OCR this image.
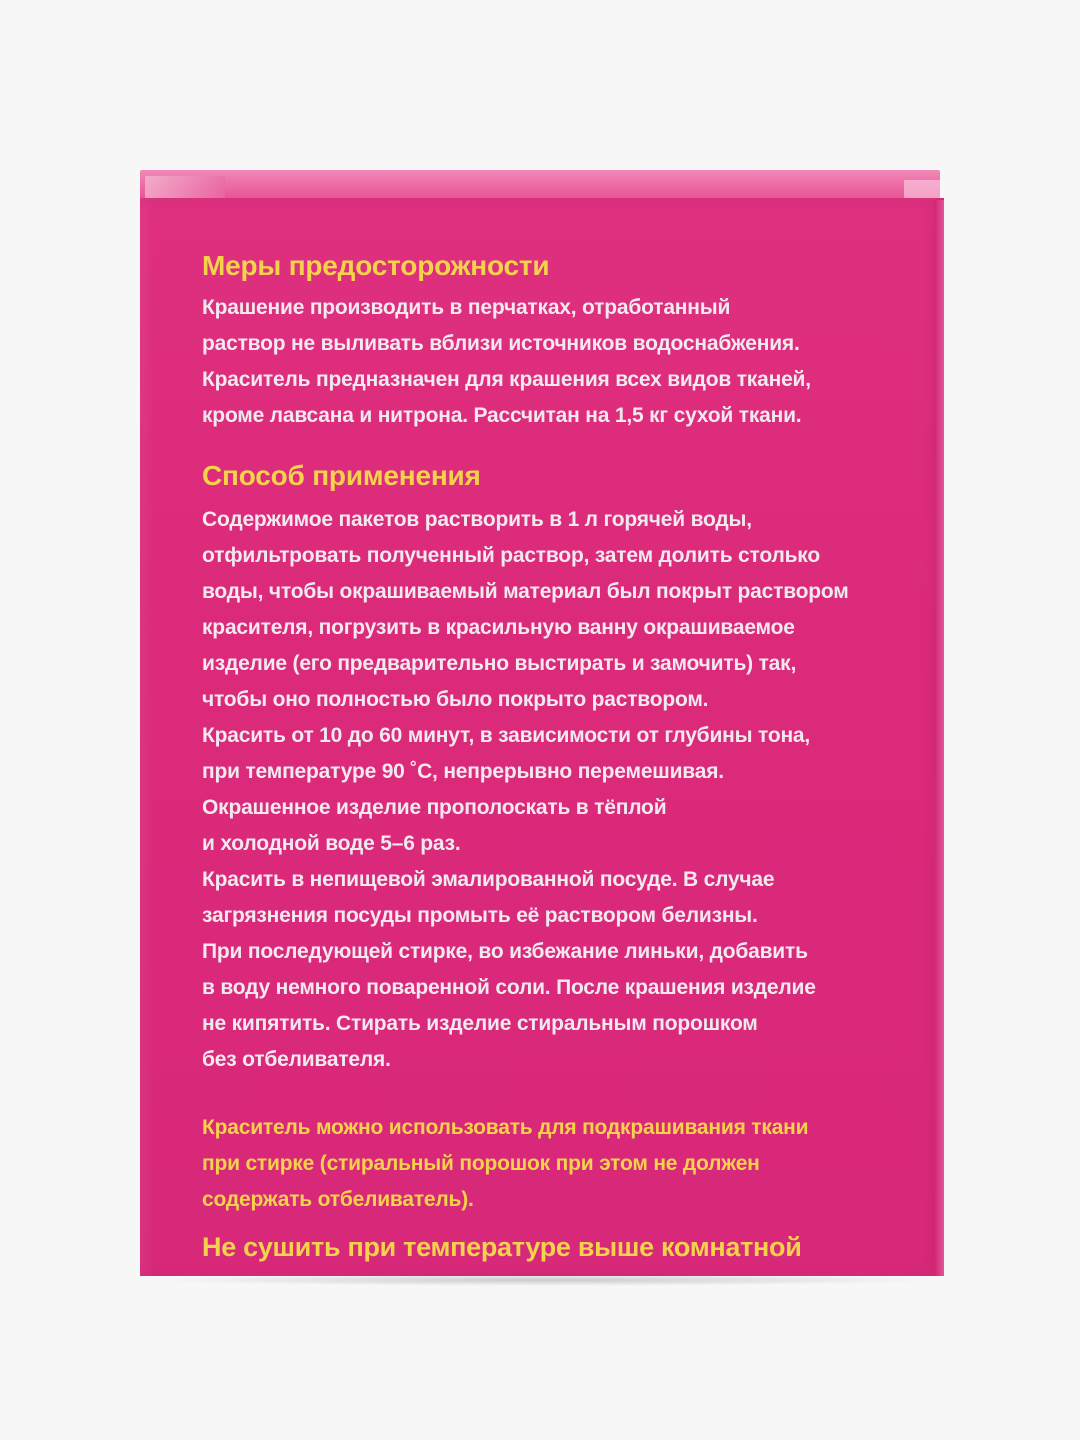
Меры предосторожности

Крашение производить в перчатках, отработанный

раствор не выливать вблизи источников водоснабжения.

Краситель предназначен для крашения всех видов тканей,

кроме лавсана и нитрона. Рассчитан на 1,5 кг сухой ткани.

Способ применения

Содержимое пакетов растворить в 1 л горячей воды,

отфильтровать полученный раствор, затем долить столько

воды, чтобы окрашиваемый материал был покрыт раствором

красителя, погрузить в красильную ванну окрашиваемое

изделие (его предварительно выстирать и замочить) так,

чтобы оно полностью было покрыто раствором.

Красить от 10 до 60 минут, в зависимости от глубины тона,

при температуре 90 ˚С, непрерывно перемешивая.

Окрашенное изделие прополоскать в тёплой

и холодной воде 5–6 раз.

Красить в непищевой эмалированной посуде. В случае

загрязнения посуды промыть её раствором белизны.

При последующей стирке, во избежание линьки, добавить

в воду немного поваренной соли. После крашения изделие

не кипятить. Стирать изделие стиральным порошком

без отбеливателя.

Краситель можно использовать для подкрашивания ткани

при стирке (стиральный порошок при этом не должен

содержать отбеливатель).

Не сушить при температуре выше комнатной
